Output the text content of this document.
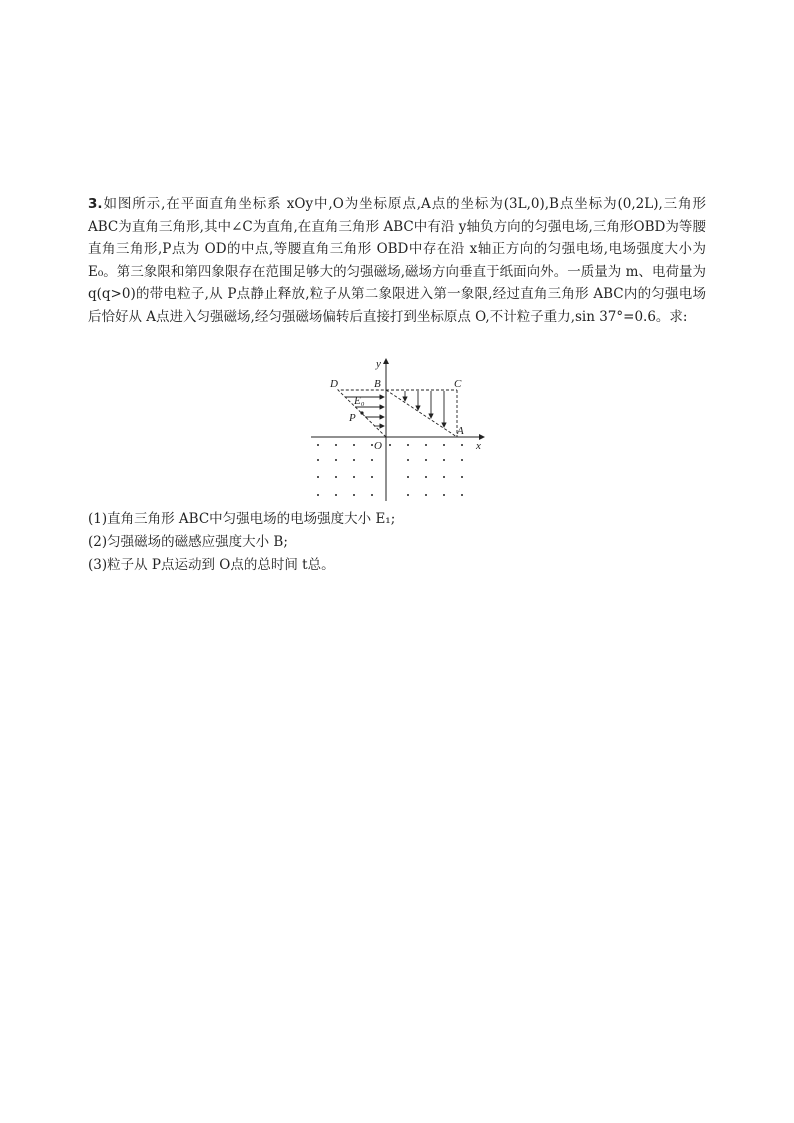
3.如图所示,在平面直角坐标系 xOy中,O为坐标原点,A点的坐标为(3L,0),B点坐标为(0,2L),三角形 ABC为直角三角形,其中∠C为直角,在直角三角形 ABC中有沿 y轴负方向的匀强电场,三角形OBD为等腰直角三角形,P点为 OD的中点,等腰直角三角形 OBD中存在沿 x轴正方向的匀强电场,电场强度大小为 E₀。第三象限和第四象限存在范围足够大的匀强磁场,磁场方向垂直于纸面向外。一质量为 m、电荷量为 q(q>0)的带电粒子,从 P点静止释放,粒子从第二象限进入第一象限,经过直角三角形 ABC内的匀强电场后恰好从 A点进入匀强磁场,经匀强磁场偏转后直接打到坐标原点 O,不计粒子重力,sin 37°=0.6。求:

y
x
D	B	C
E₀
P
O
A

(1)直角三角形 ABC中匀强电场的电场强度大小 E₁;

(2)匀强磁场的磁感应强度大小 B;

(3)粒子从 P点运动到 O点的总时间 t总。
